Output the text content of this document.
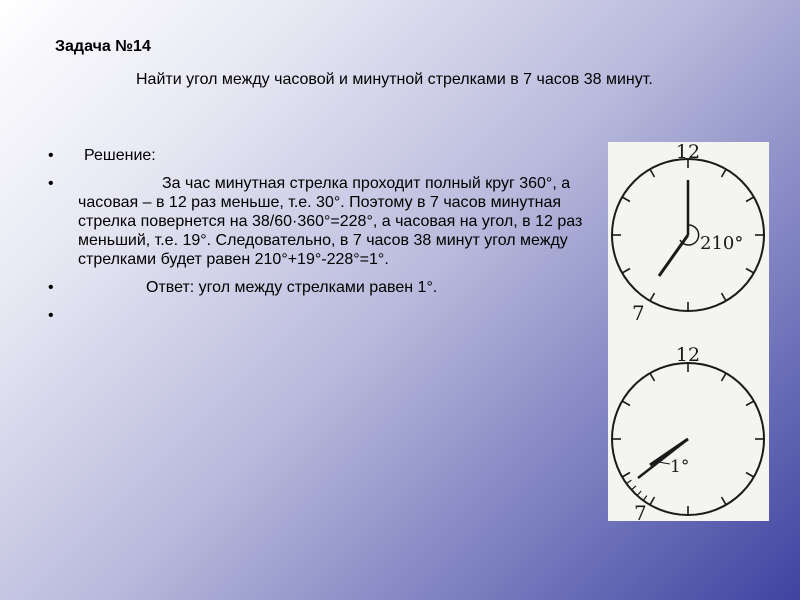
Задача №14

Найти угол между часовой и минутной стрелками в 7 часов 38 минут.

• Решение:
•	За час минутная стрелка проходит полный круг 360°, а часовая – в 12 раз меньше, т.е. 30°. Поэтому в 7 часов минутная стрелка повернется на 38/60·360°=228°, а часовая на угол, в 12 раз меньший, т.е. 19°. Следовательно, в 7 часов 38 минут угол между стрелками будет равен 210°+19°-228°=1°.
•	Ответ: угол между стрелками равен 1°.
•
12
210°
7
12
1°
7
